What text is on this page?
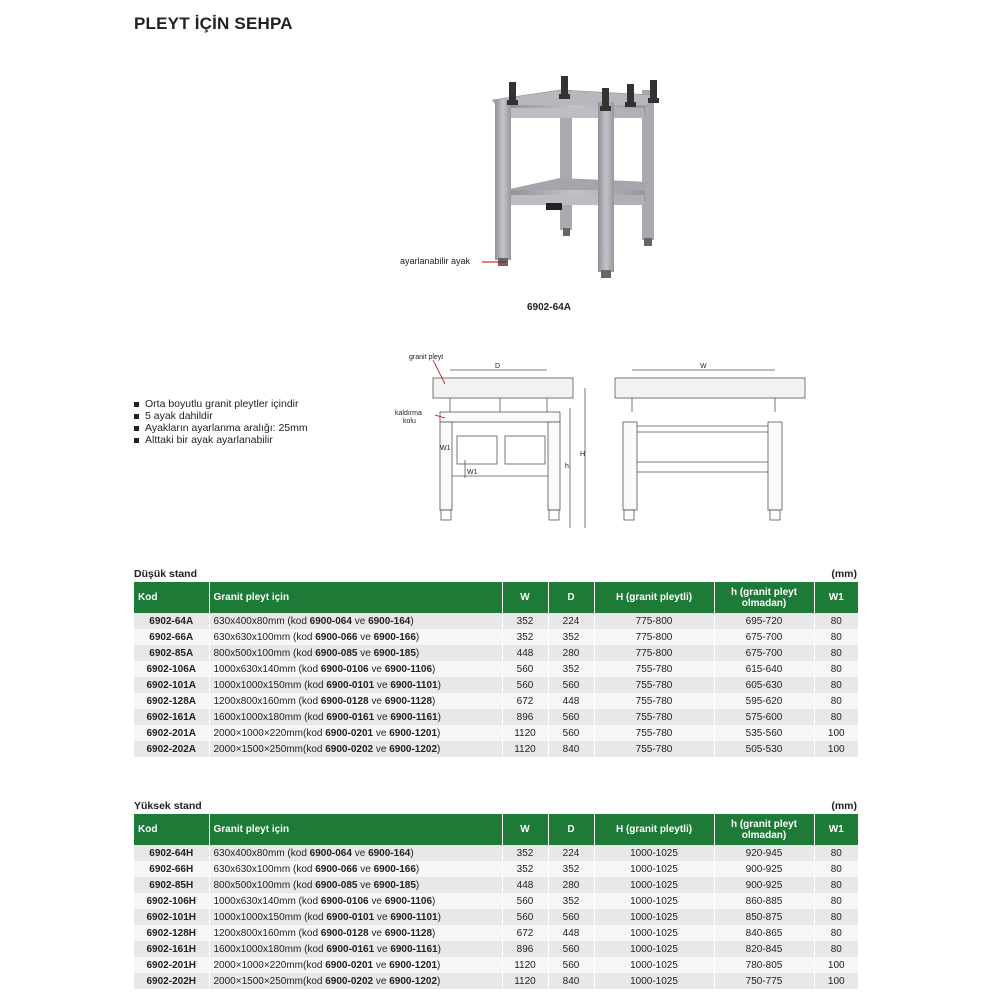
PLEYT İÇİN SEHPA
ayarlanabilir ayak
6902-64A
Orta boyutlu granit pleytler içindir
5 ayak dahildir
Ayakların ayarlanma aralığı: 25mm
Alttaki bir ayak ayarlanabilir
granit pleyt
kaldırma
kolu
D	W
W1
W1
h
H
Düşük stand	(mm)
Kod	Granit pleyt için	W	D	H (granit pleytli)	h (granit pleyt
olmadan)	W1
6902-64A	630x400x80mm (kod 6900-064 ve 6900-164)	352	224	775-800	695-720	80
6902-66A	630x630x100mm (kod 6900-066 ve 6900-166)	352	352	775-800	675-700	80
6902-85A	800x500x100mm (kod 6900-085 ve 6900-185)	448	280	775-800	675-700	80
6902-106A	1000x630x140mm (kod 6900-0106 ve 6900-1106)	560	352	755-780	615-640	80
6902-101A	1000x1000x150mm (kod 6900-0101 ve 6900-1101)	560	560	755-780	605-630	80
6902-128A	1200x800x160mm (kod 6900-0128 ve 6900-1128)	672	448	755-780	595-620	80
6902-161A	1600x1000x180mm (kod 6900-0161 ve 6900-1161)	896	560	755-780	575-600	80
6902-201A	2000×1000×220mm(kod 6900-0201 ve 6900-1201)	1120	560	755-780	535-560	100
6902-202A	2000×1500×250mm(kod 6900-0202 ve 6900-1202)	1120	840	755-780	505-530	100
Yüksek stand	(mm)
Kod	Granit pleyt için	W	D	H (granit pleytli)	h (granit pleyt
olmadan)	W1
6902-64H	630x400x80mm (kod 6900-064 ve 6900-164)	352	224	1000-1025	920-945	80
6902-66H	630x630x100mm (kod 6900-066 ve 6900-166)	352	352	1000-1025	900-925	80
6902-85H	800x500x100mm (kod 6900-085 ve 6900-185)	448	280	1000-1025	900-925	80
6902-106H	1000x630x140mm (kod 6900-0106 ve 6900-1106)	560	352	1000-1025	860-885	80
6902-101H	1000x1000x150mm (kod 6900-0101 ve 6900-1101)	560	560	1000-1025	850-875	80
6902-128H	1200x800x160mm (kod 6900-0128 ve 6900-1128)	672	448	1000-1025	840-865	80
6902-161H	1600x1000x180mm (kod 6900-0161 ve 6900-1161)	896	560	1000-1025	820-845	80
6902-201H	2000×1000×220mm(kod 6900-0201 ve 6900-1201)	1120	560	1000-1025	780-805	100
6902-202H	2000×1500×250mm(kod 6900-0202 ve 6900-1202)	1120	840	1000-1025	750-775	100
